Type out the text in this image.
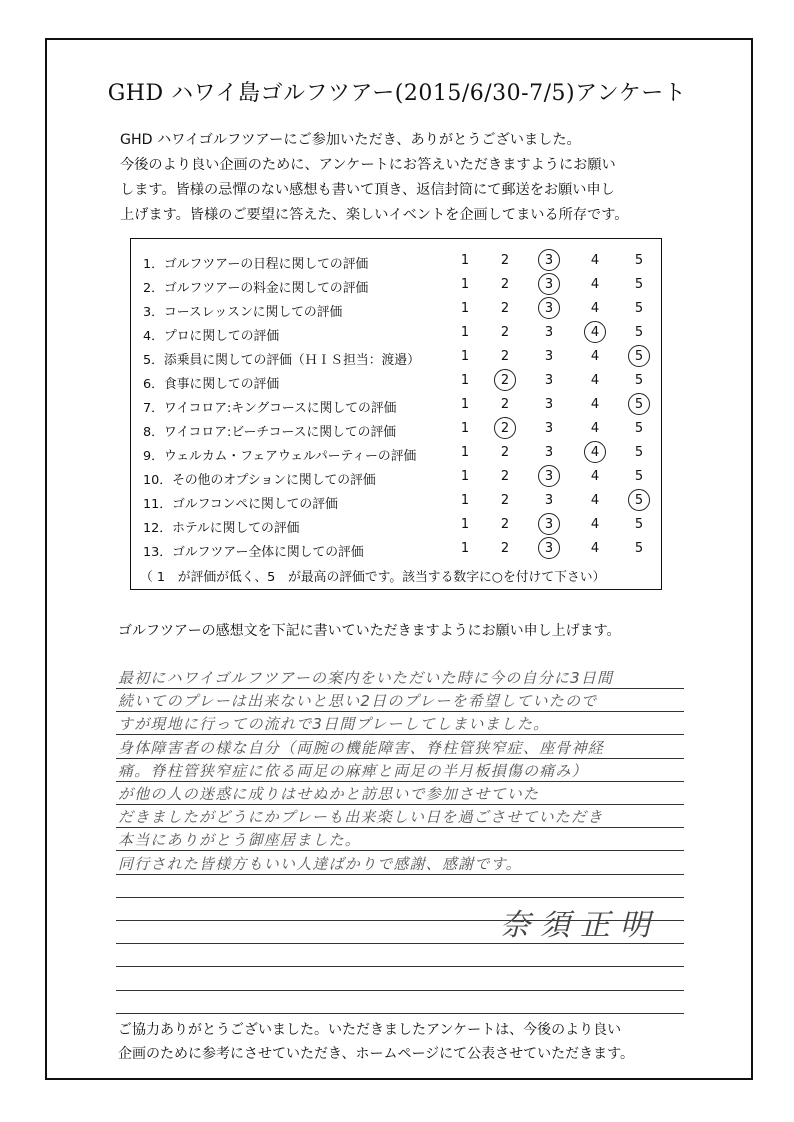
GHD ハワイ島ゴルフツアー(2015/6/30-7/5)アンケート
GHD ハワイゴルフツアーにご参加いただき、ありがとうございました。
今後のより良い企画のために、アンケートにお答えいただきますようにお願い
します。皆様の忌憚のない感想も書いて頂き、返信封筒にて郵送をお願い申し
上げます。皆様のご要望に答えた、楽しいイベントを企画してまいる所存です。
1．ゴルフツアーの日程に関しての評価	1	2	3	4	5
2．ゴルフツアーの料金に関しての評価	1	2	3	4	5
3．コースレッスンに関しての評価	1	2	3	4	5
4．プロに関しての評価	1	2	3	4	5
5．添乗員に関しての評価（ＨＩＳ担当：渡邉）	1	2	3	4	5
6．食事に関しての評価	1	2	3	4	5
7．ワイコロア:キングコースに関しての評価	1	2	3	4	5
8．ワイコロア:ビーチコースに関しての評価	1	2	3	4	5
9．ウェルカム・フェアウェルパーティーの評価	1	2	3	4	5
10．その他のオプションに関しての評価	1	2	3	4	5
11．ゴルフコンペに関しての評価	1	2	3	4	5
12．ホテルに関しての評価	1	2	3	4	5
13．ゴルフツアー全体に関しての評価	1	2	3	4	5
（ 1　が評価が低く、5　が最高の評価です。該当する数字に○を付けて下さい）
ゴルフツアーの感想文を下記に書いていただきますようにお願い申し上げます。
最初にハワイゴルフツアーの案内をいただいた時に今の自分に3日間
続いてのプレーは出来ないと思い2日のプレーを希望していたので
すが現地に行っての流れで3日間プレーしてしまいました。
身体障害者の様な自分（両腕の機能障害、脊柱管狭窄症、座骨神経
痛。脊柱管狭窄症に依る両足の麻痺と両足の半月板損傷の痛み）
が他の人の迷惑に成りはせぬかと訪思いで参加させていた
だきましたがどうにかプレーも出来楽しい日を過ごさせていただき
本当にありがとう御座居ました。
同行された皆様方もいい人達ばかりで感謝、感謝です。
奈須正明
ご協力ありがとうございました。いただきましたアンケートは、今後のより良い
企画のために参考にさせていただき、ホームページにて公表させていただきます。
